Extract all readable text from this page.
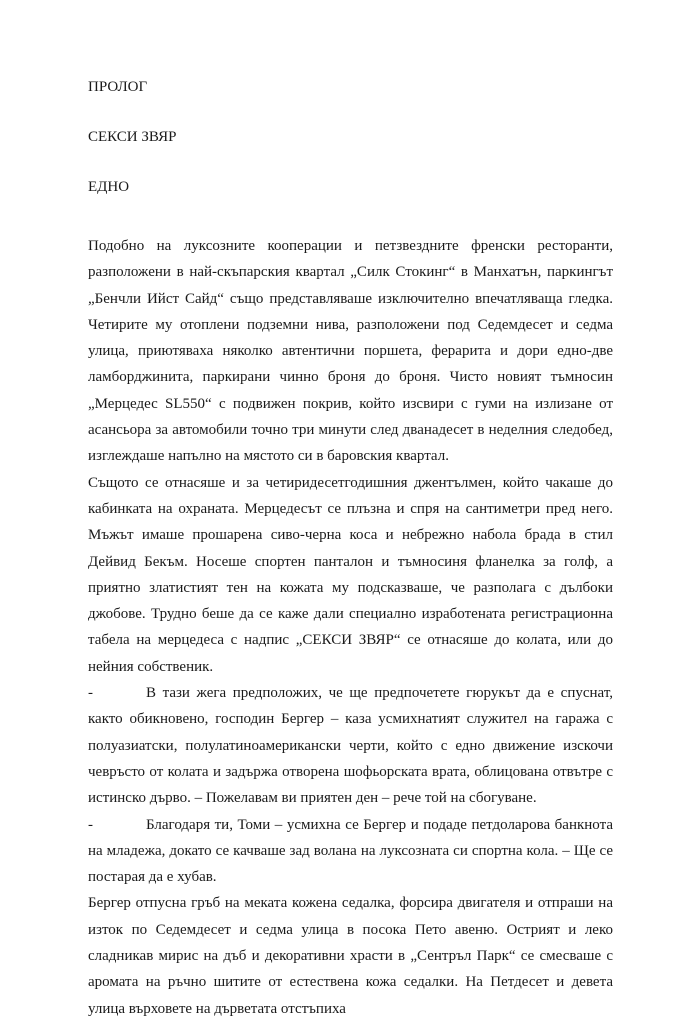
ПРОЛОГ
СЕКСИ ЗВЯР
ЕДНО

Подобно на луксозните кооперации и петзвездните френски ресторанти, разположени в най-скъпарския квартал „Силк Стокинг“ в Манхатън, паркингът „Бенчли Ийст Сайд“ също представляваше изключително впечатляваща гледка. Четирите му отоплени подземни нива, разположени под Седемдесет и седма улица, приютяваха няколко автентични поршета, ферарита и дори едно-две ламборджинита, паркирани чинно броня до броня. Чисто новият тъмносин „Мерцедес SL550“ с подвижен покрив, който изсвири с гуми на излизане от асансьора за автомобили точно три минути след дванадесет в неделния следобед, изглеждаше напълно на мястото си в баровския квартал.

Същото се отнасяше и за четиридесетгодишния джентълмен, който чакаше до кабинката на охраната. Мерцедесът се плъзна и спря на сантиметри пред него. Мъжът имаше прошарена сиво-черна коса и небрежно набола брада в стил Дейвид Бекъм. Носеше спортен панталон и тъмносиня фланелка за голф, а приятно златистият тен на кожата му подсказваше, че разполага с дълбоки джобове. Трудно беше да се каже дали специално изработената регистрационна табела на мерцедеса с надпис „СЕКСИ ЗВЯР“ се отнасяше до колата, или до нейния собственик.

-	В тази жега предположих, че ще предпочетете гюрукът да е спуснат, както обикновено, господин Бергер – каза усмихнатият служител на гаража с полуазиатски, полулатиноамерикански черти, който с едно движение изскочи чевръсто от колата и задържа отворена шофьорската врата, облицована отвътре с истинско дърво. – Пожелавам ви приятен ден – рече той на сбогуване.

-	Благодаря ти, Томи – усмихна се Бергер и подаде петдоларова банкнота на младежа, докато се качваше зад волана на луксозната си спортна кола. – Ще се постарая да е хубав.

Бергер отпусна гръб на меката кожена седалка, форсира двигателя и отпраши на изток по Седемдесет и седма улица в посока Пето авеню. Острият и леко сладникав мирис на дъб и декоративни храсти в „Сентръл Парк“ се смесваше с аромата на ръчно шитите от естествена кожа седалки. На Петдесет и девета улица върховете на дърветата отстъпиха
